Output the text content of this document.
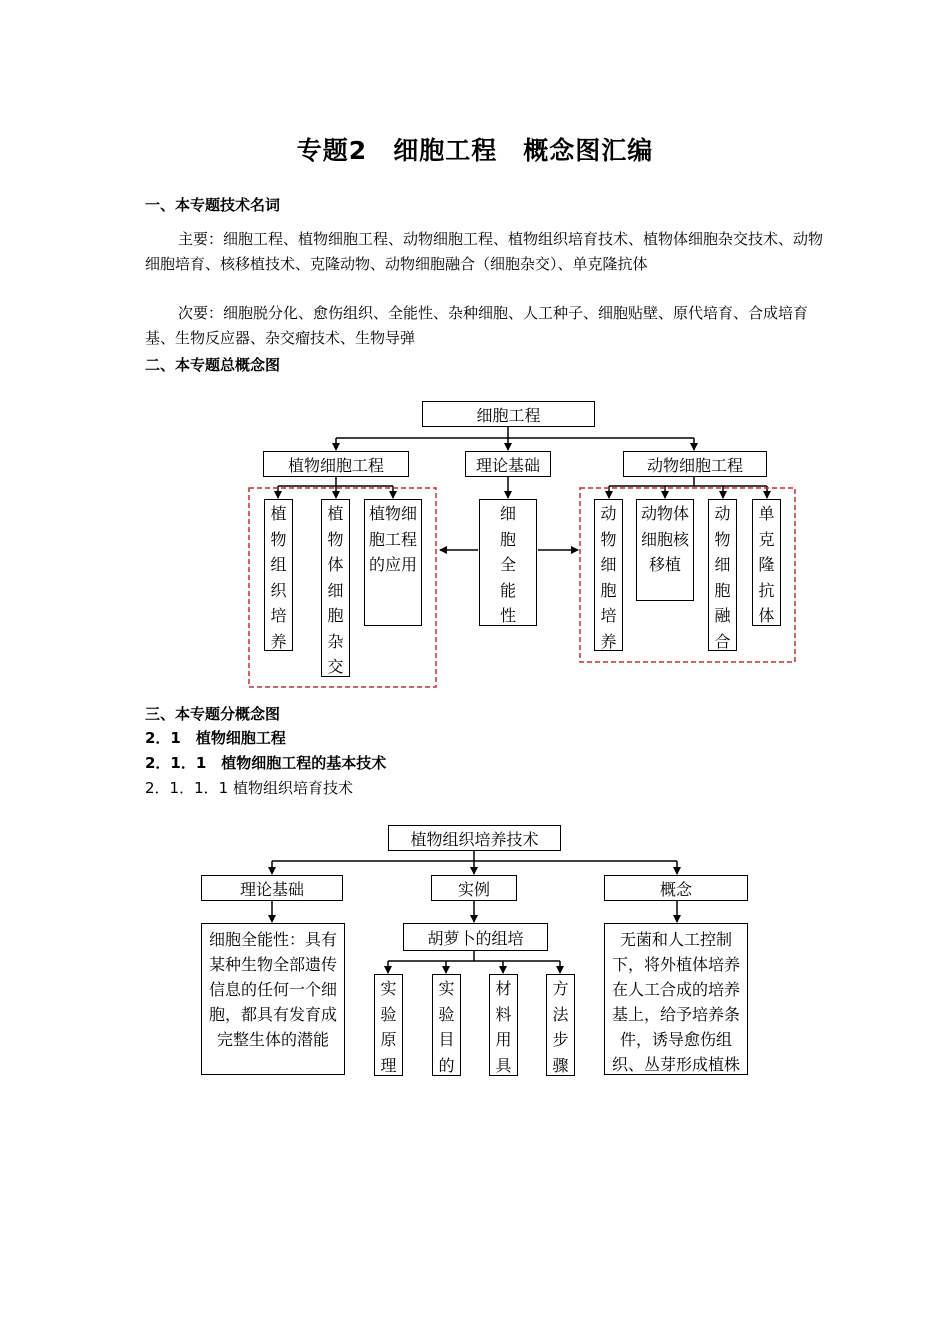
专题2　细胞工程　概念图汇编
一、本专题技术名词
主要：细胞工程、植物细胞工程、动物细胞工程、植物组织培育技术、植物体细胞杂交技术、动物细胞培育、核移植技术、克隆动物、动物细胞融合（细胞杂交）、单克隆抗体
次要：细胞脱分化、愈伤组织、全能性、杂种细胞、人工种子、细胞贴壁、原代培育、合成培育基、生物反应器、杂交瘤技术、生物导弹
二、本专题总概念图
细胞工程
植物细胞工程	理论基础	动物细胞工程
植物组织培养
植物体细胞杂交
植物细胞工程的应用
细胞全能性
动物细胞培养
动物体细胞核移植
动物细胞融合
单克隆抗体
三、本专题分概念图
2．1　植物细胞工程
2．1．1　植物细胞工程的基本技术
2．1．1．1 植物组织培育技术
植物组织培养技术
理论基础	实例	概念
细胞全能性：具有某种生物全部遗传信息的任何一个细胞，都具有发育成完整生体的潜能
胡萝卜的组培	无菌和人工控制下，将外植体培养在人工合成的培养基上，给予培养条件，诱导愈伤组织、丛芽形成植株
实验原理
实验目的
材料用具
方法步骤
